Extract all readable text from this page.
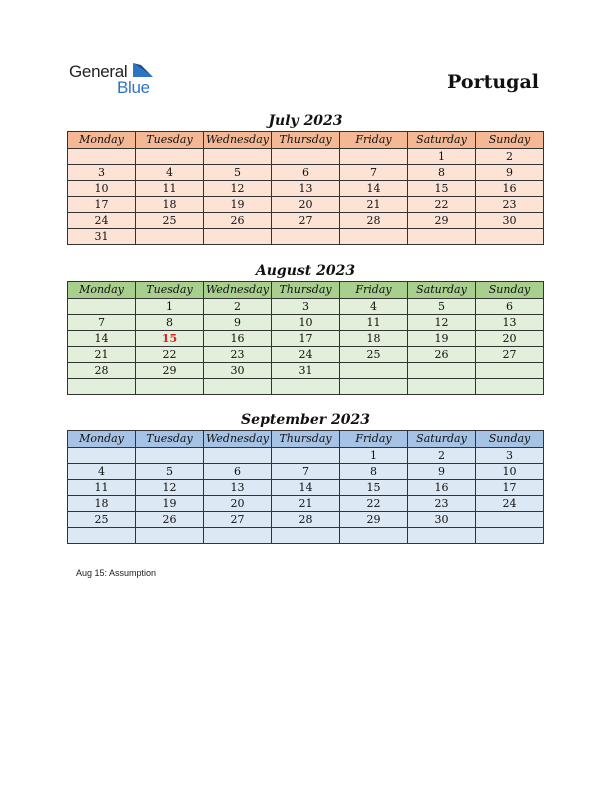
General
Blue	Portugal
July 2023
Monday	Tuesday	Wednesday	Thursday	Friday	Saturday	Sunday
					1	2
3	4	5	6	7	8	9
10	11	12	13	14	15	16
17	18	19	20	21	22	23
24	25	26	27	28	29	30
31						
August 2023
Monday	Tuesday	Wednesday	Thursday	Friday	Saturday	Sunday
	1	2	3	4	5	6
7	8	9	10	11	12	13
14	15	16	17	18	19	20
21	22	23	24	25	26	27
28	29	30	31			

September 2023
Monday	Tuesday	Wednesday	Thursday	Friday	Saturday	Sunday
				1	2	3
4	5	6	7	8	9	10
11	12	13	14	15	16	17
18	19	20	21	22	23	24
25	26	27	28	29	30	

Aug 15: Assumption
